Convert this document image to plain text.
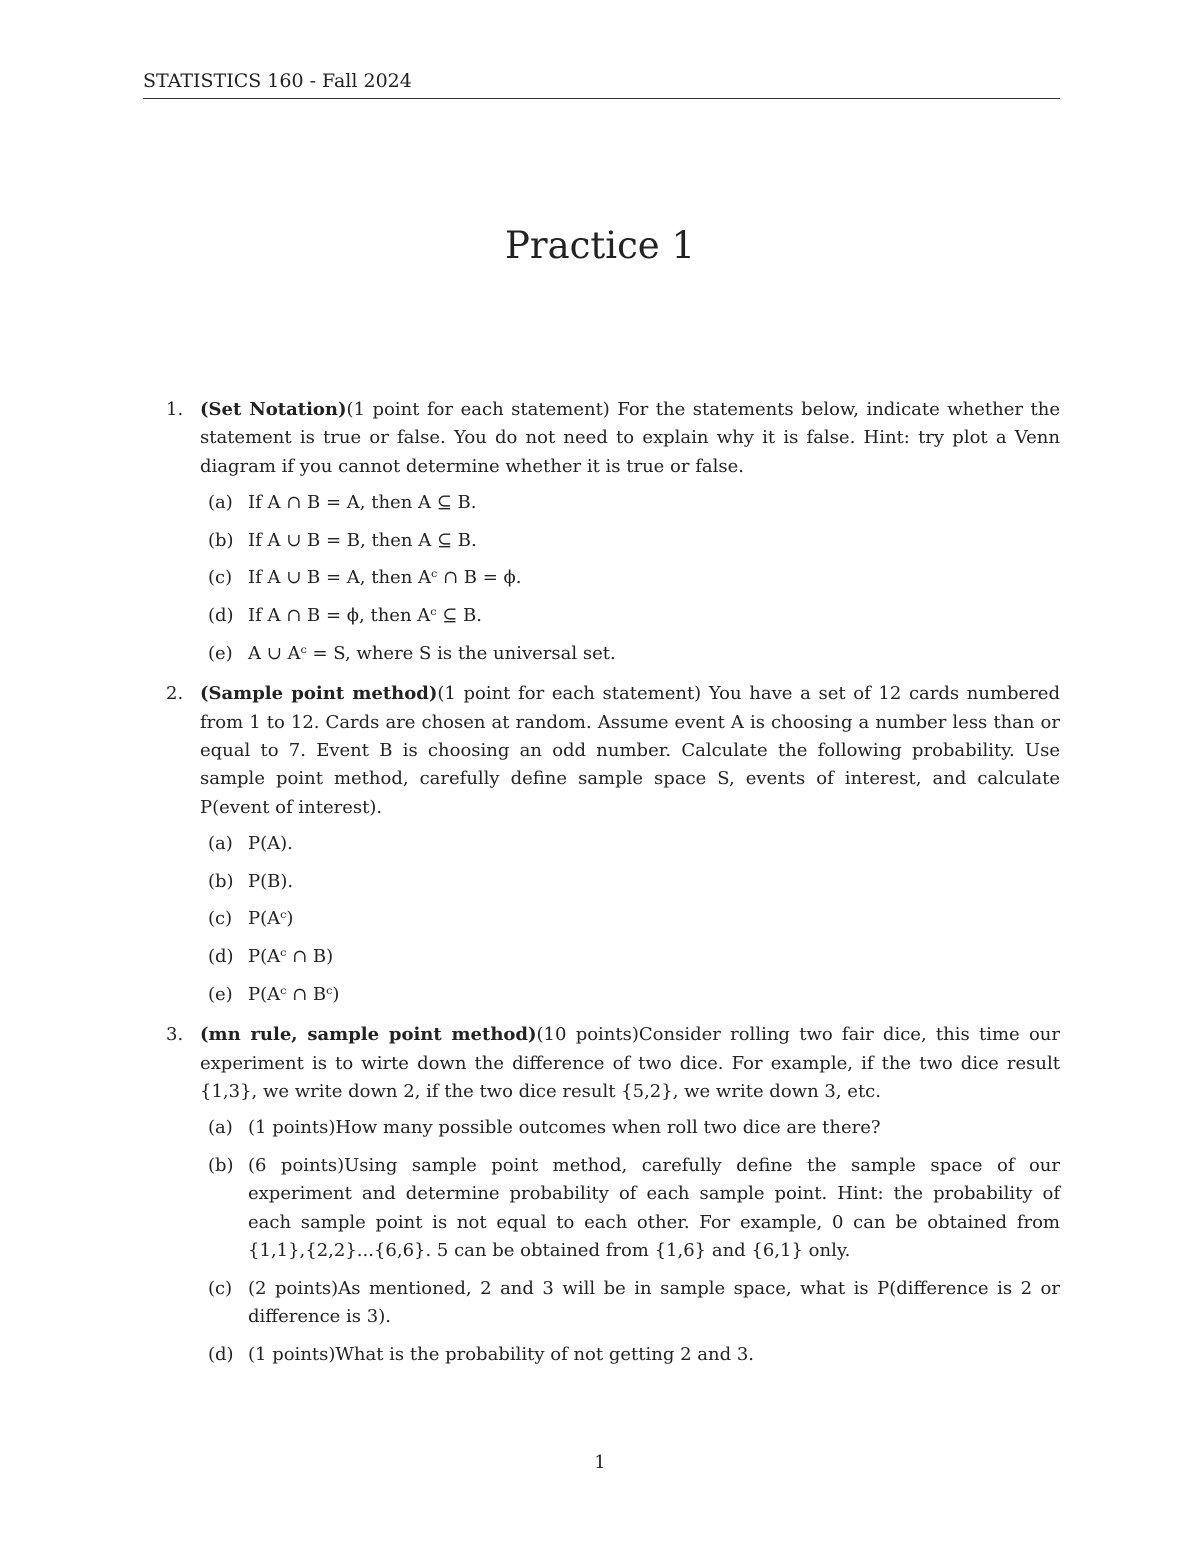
STATISTICS 160 - Fall 2024
Practice 1
1. (Set Notation)(1 point for each statement) For the statements below, indicate whether the statement is true or false. You do not need to explain why it is false. Hint: try plot a Venn diagram if you cannot determine whether it is true or false.
(a) If A ∩ B = A, then A ⊆ B.
(b) If A ∪ B = B, then A ⊆ B.
(c) If A ∪ B = A, then Aᶜ ∩ B = ϕ.
(d) If A ∩ B = ϕ, then Aᶜ ⊆ B.
(e) A ∪ Aᶜ = S, where S is the universal set.
2. (Sample point method)(1 point for each statement) You have a set of 12 cards numbered from 1 to 12. Cards are chosen at random. Assume event A is choosing a number less than or equal to 7. Event B is choosing an odd number. Calculate the following probability. Use sample point method, carefully define sample space S, events of interest, and calculate P(event of interest).
(a) P(A).
(b) P(B).
(c) P(Aᶜ)
(d) P(Aᶜ ∩ B)
(e) P(Aᶜ ∩ Bᶜ)
3. (mn rule, sample point method)(10 points)Consider rolling two fair dice, this time our experiment is to wirte down the difference of two dice. For example, if the two dice result {1,3}, we write down 2, if the two dice result {5,2}, we write down 3, etc.
(a) (1 points)How many possible outcomes when roll two dice are there?
(b) (6 points)Using sample point method, carefully define the sample space of our experiment and determine probability of each sample point. Hint: the probability of each sample point is not equal to each other. For example, 0 can be obtained from {1,1},{2,2}...{6,6}. 5 can be obtained from {1,6} and {6,1} only.
(c) (2 points)As mentioned, 2 and 3 will be in sample space, what is P(difference is 2 or difference is 3).
(d) (1 points)What is the probability of not getting 2 and 3.
1
